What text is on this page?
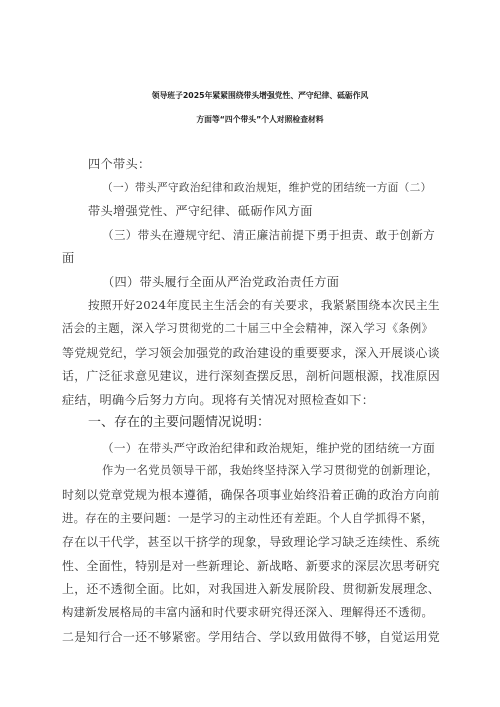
领导班子2025年紧紧围绕带头增强党性、严守纪律、砥砺作风
方面等“四个带头”个人对照检查材料
四个带头：
（一）带头严守政治纪律和政治规矩，维护党的团结统一方面（二）
带头增强党性、严守纪律、砥砺作风方面
（三）带头在遵规守纪、清正廉洁前提下勇于担责、敢于创新方
面
（四）带头履行全面从严治党政治责任方面
按照开好2024年度民主生活会的有关要求，我紧紧围绕本次民主生
活会的主题，深入学习贯彻党的二十届三中全会精神，深入学习《条例》
等党规党纪，学习领会加强党的政治建设的重要要求，深入开展谈心谈
话，广泛征求意见建议，进行深刻查摆反思，剖析问题根源，找准原因
症结，明确今后努力方向。现将有关情况对照检查如下：
一、存在的主要问题情况说明：
（一）在带头严守政治纪律和政治规矩，维护党的团结统一方面
作为一名党员领导干部，我始终坚持深入学习贯彻党的创新理论，
时刻以党章党规为根本遵循，确保各项事业始终沿着正确的政治方向前
进。存在的主要问题：一是学习的主动性还有差距。个人自学抓得不紧，
存在以干代学，甚至以干挤学的现象，导致理论学习缺乏连续性、系统
性、全面性，特别是对一些新理论、新战略、新要求的深层次思考研究
上，还不透彻全面。比如，对我国进入新发展阶段、贯彻新发展理念、
构建新发展格局的丰富内涵和时代要求研究得还深入、理解得还不透彻。
二是知行合一还不够紧密。学用结合、学以致用做得不够，自觉运用党
